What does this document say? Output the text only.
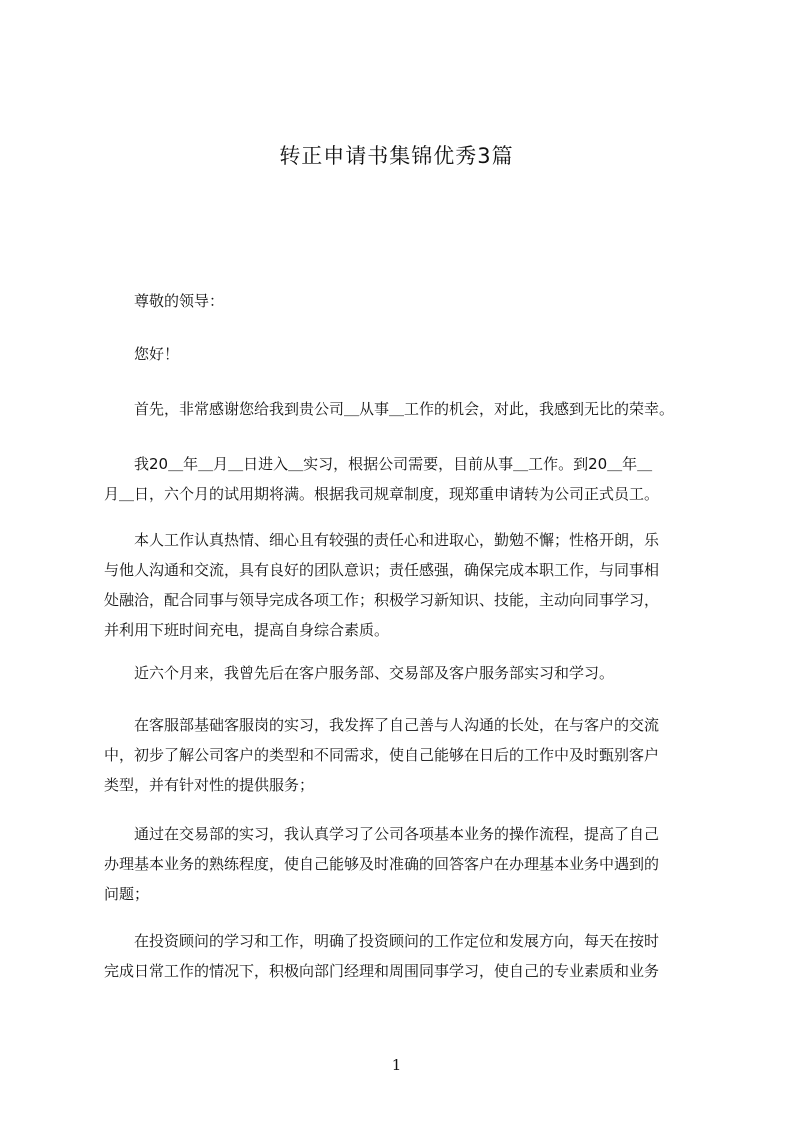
转正申请书集锦优秀3篇
　　尊敬的领导：
　　您好！
　　首先，非常感谢您给我到贵公司＿从事＿工作的机会，对此，我感到无比的荣幸。
　　我20＿年＿月＿日进入＿实习，根据公司需要，目前从事＿工作。到20＿年＿
月＿日，六个月的试用期将满。根据我司规章制度，现郑重申请转为公司正式员工。
　　本人工作认真热情、细心且有较强的责任心和进取心，勤勉不懈；性格开朗，乐
与他人沟通和交流，具有良好的团队意识；责任感强，确保完成本职工作，与同事相
处融洽，配合同事与领导完成各项工作；积极学习新知识、技能，主动向同事学习，
并利用下班时间充电，提高自身综合素质。
　　近六个月来，我曾先后在客户服务部、交易部及客户服务部实习和学习。
　　在客服部基础客服岗的实习，我发挥了自己善与人沟通的长处，在与客户的交流
中，初步了解公司客户的类型和不同需求，使自己能够在日后的工作中及时甄别客户
类型，并有针对性的提供服务；
　　通过在交易部的实习，我认真学习了公司各项基本业务的操作流程，提高了自己
办理基本业务的熟练程度，使自己能够及时准确的回答客户在办理基本业务中遇到的
问题；
　　在投资顾问的学习和工作，明确了投资顾问的工作定位和发展方向，每天在按时
完成日常工作的情况下，积极向部门经理和周围同事学习，使自己的专业素质和业务
1
